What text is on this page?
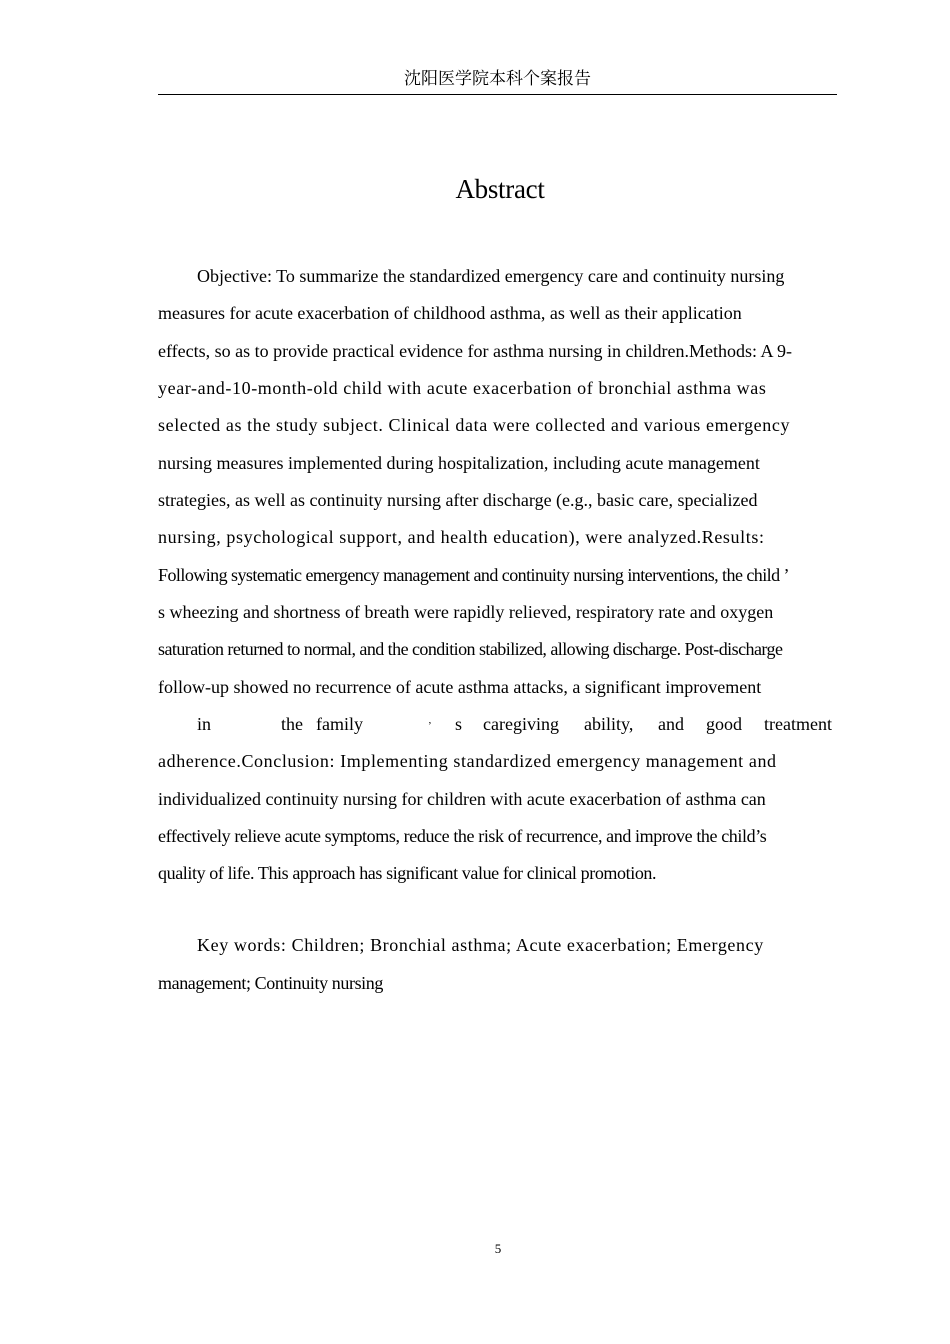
沈阳医学院本科个案报告
Abstract
Objective: To summarize the standardized emergency care and continuity nursing
measures for acute exacerbation of childhood asthma, as well as their application
effects, so as to provide practical evidence for asthma nursing in children.Methods: A 9-
year-and-10-month-old child with acute exacerbation of bronchial asthma was
selected as the study subject. Clinical data were collected and various emergency
nursing measures implemented during hospitalization, including acute management
strategies, as well as continuity nursing after discharge (e.g., basic care, specialized
nursing, psychological support, and health education), were analyzed.Results:
Following systematic emergency management and continuity nursing interventions, the child ’
s wheezing and shortness of breath were rapidly relieved, respiratory rate and oxygen
saturation returned to normal, and the condition stabilized, allowing discharge. Post-discharge
follow-up showed no recurrence of acute asthma attacks, a significant improvement
in	the family	’ s caregiving ability, and good treatment
adherence.Conclusion: Implementing standardized emergency management and
individualized continuity nursing for children with acute exacerbation of asthma can
effectively relieve acute symptoms, reduce the risk of recurrence, and improve the child’s
quality of life. This approach has significant value for clinical promotion.
Key words: Children; Bronchial asthma; Acute exacerbation; Emergency
management; Continuity nursing
5
